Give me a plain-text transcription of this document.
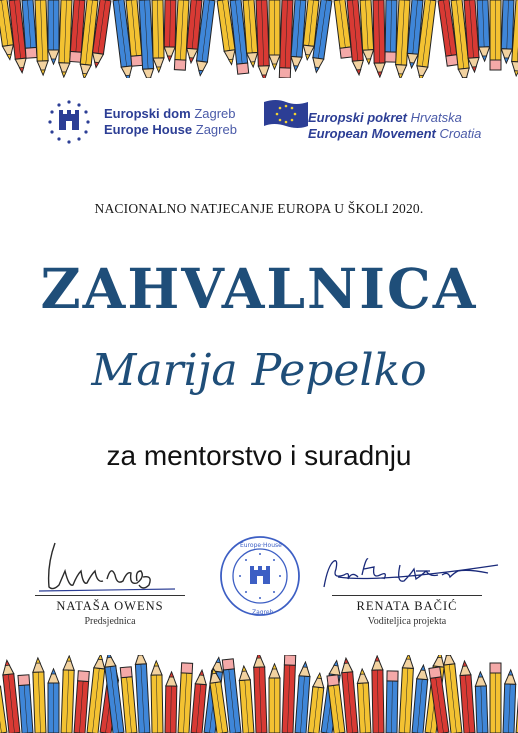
Europski dom Zagreb
Europe House Zagreb
Europski pokret Hrvatska
European Movement Croatia
NACIONALNO NATJECANJE EUROPA U ŠKOLI 2020.
ZAHVALNICA
Marija Pepelko
za mentorstvo i suradnju
NATAŠA OWENS
Predsjednica
Europe·House·
Zagreb	RENATA BAČIĆ
Voditeljica projekta
